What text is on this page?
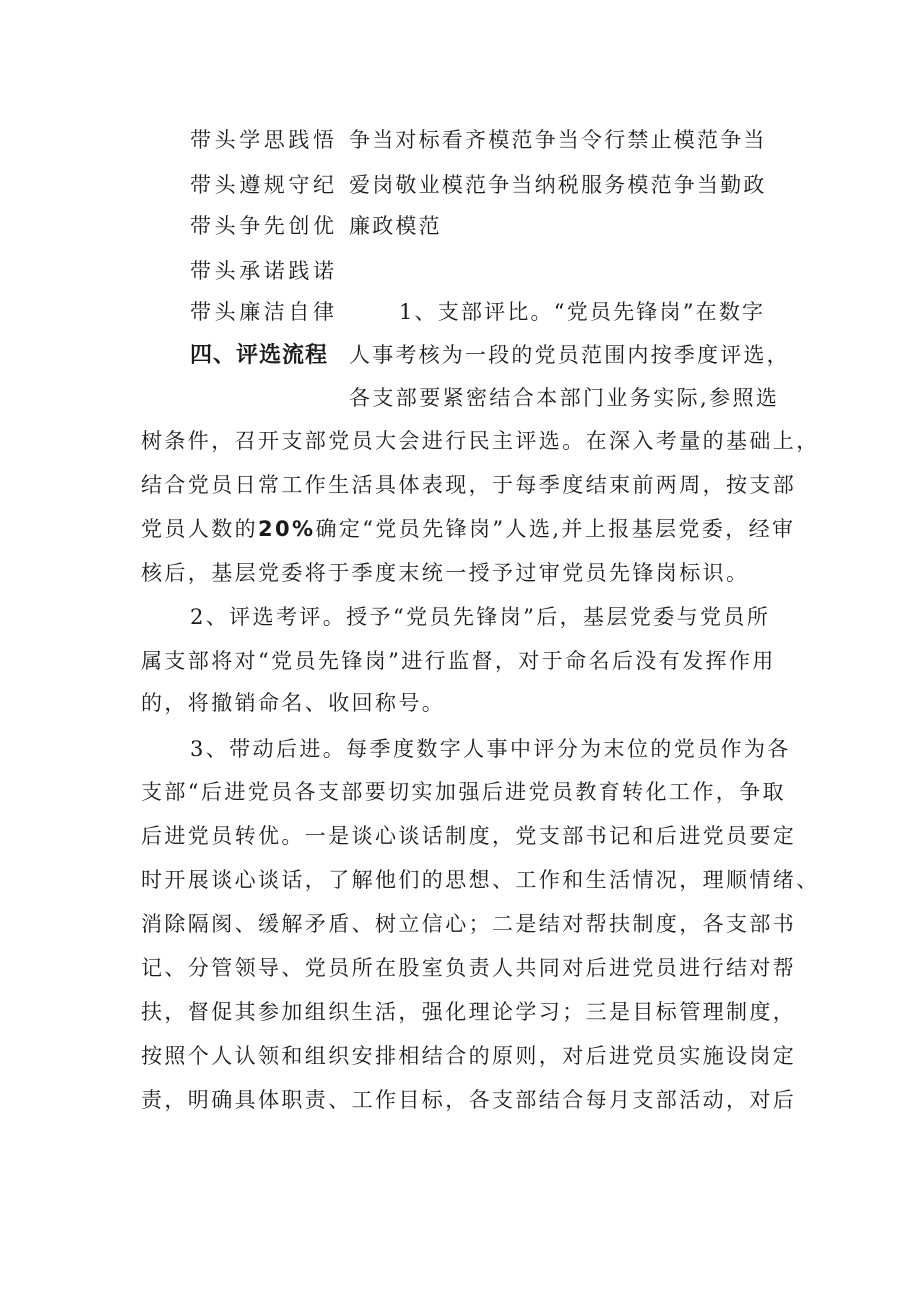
带头学思践悟
带头遵规守纪
带头争先创优
带头承诺践诺
带头廉洁自律
争当对标看齐模范争当令行禁止模范争当
爱岗敬业模范争当纳税服务模范争当勤政
廉政模范
1、支部评比。“党员先锋岗”在数字
人事考核为一段的党员范围内按季度评选，
各支部要紧密结合本部门业务实际,参照选
四、评选流程
树条件，召开支部党员大会进行民主评选。在深入考量的基础上，
结合党员日常工作生活具体表现，于每季度结束前两周，按支部
党员人数的20%确定“党员先锋岗”人选,并上报基层党委，经审
核后，基层党委将于季度末统一授予过审党员先锋岗标识。
2、评选考评。授予“党员先锋岗”后，基层党委与党员所
属支部将对“党员先锋岗”进行监督，对于命名后没有发挥作用
的，将撤销命名、收回称号。
3、带动后进。每季度数字人事中评分为末位的党员作为各
支部“后进党员各支部要切实加强后进党员教育转化工作，争取
后进党员转优。一是谈心谈话制度，党支部书记和后进党员要定
时开展谈心谈话，了解他们的思想、工作和生活情况，理顺情绪、
消除隔阂、缓解矛盾、树立信心；二是结对帮扶制度，各支部书
记、分管领导、党员所在股室负责人共同对后进党员进行结对帮
扶，督促其参加组织生活，强化理论学习；三是目标管理制度，
按照个人认领和组织安排相结合的原则，对后进党员实施设岗定
责，明确具体职责、工作目标，各支部结合每月支部活动，对后
